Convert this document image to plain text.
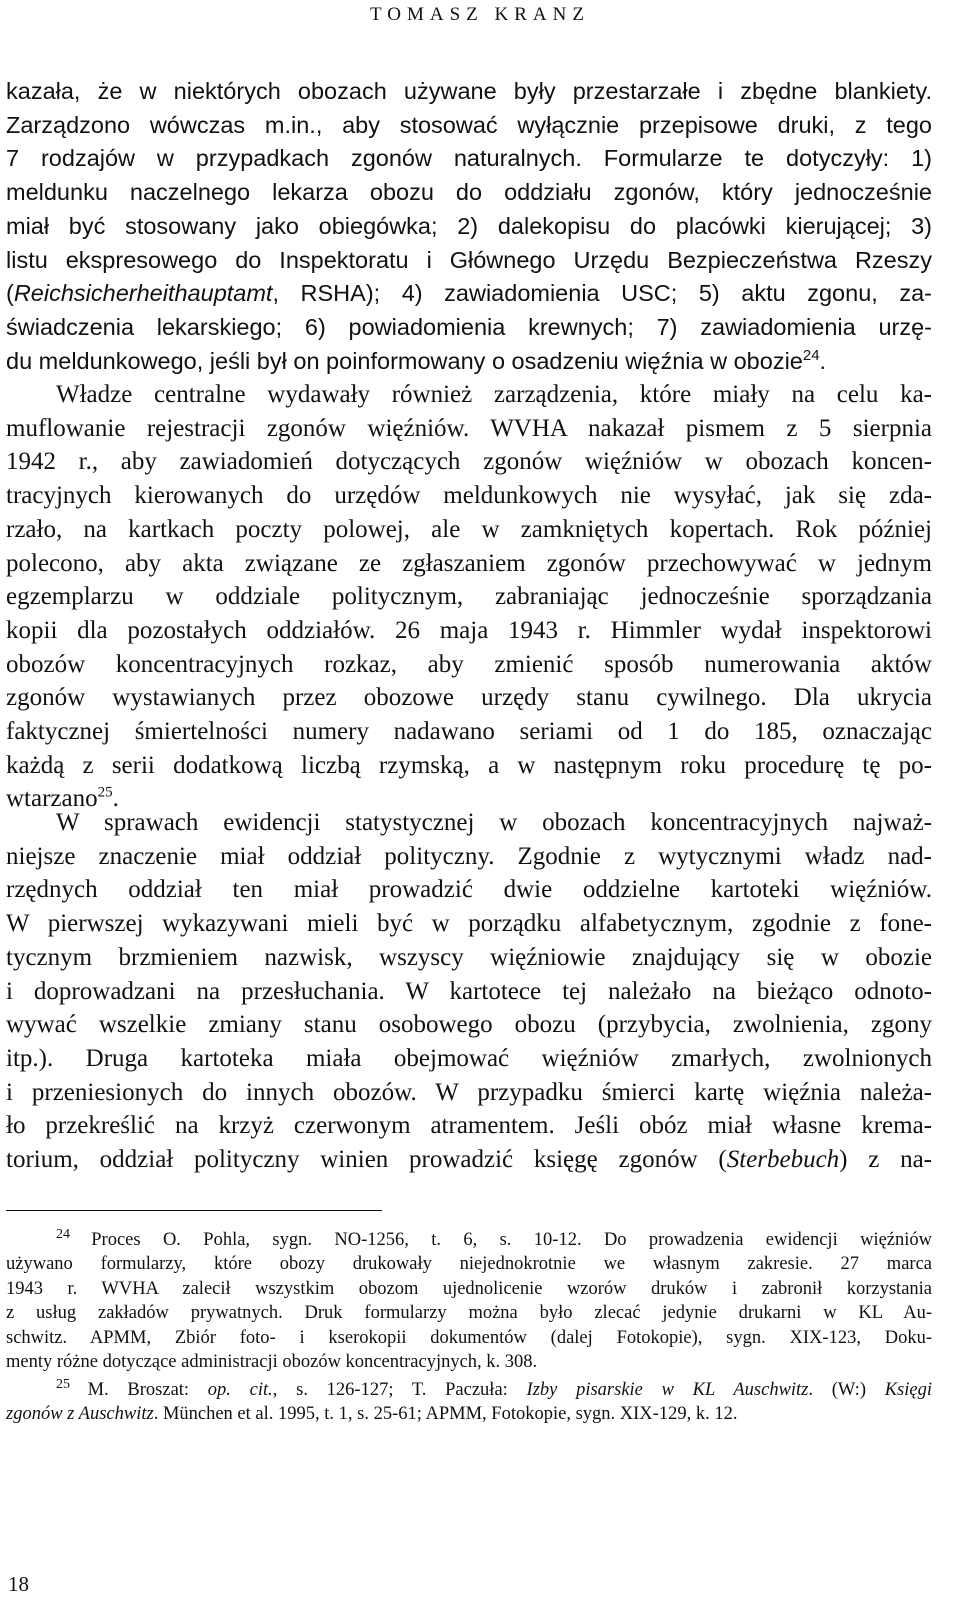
TOMASZ KRANZ
kazała, że w niektórych obozach używane były przestarzałe i zbędne blankiety.
Zarządzono wówczas m.in., aby stosować wyłącznie przepisowe druki, z tego
7 rodzajów w przypadkach zgonów naturalnych. Formularze te dotyczyły: 1)
meldunku naczelnego lekarza obozu do oddziału zgonów, który jednocześnie
miał być stosowany jako obiegówka; 2) dalekopisu do placówki kierującej; 3)
listu ekspresowego do Inspektoratu i Głównego Urzędu Bezpieczeństwa Rzeszy
(Reichsicherheithauptamt, RSHA); 4) zawiadomienia USC; 5) aktu zgonu, za-
świadczenia lekarskiego; 6) powiadomienia krewnych; 7) zawiadomienia urzę-
du meldunkowego, jeśli był on poinformowany o osadzeniu więźnia w obozie$^{24}$.
Władze centralne wydawały również zarządzenia, które miały na celu ka-
muflowanie rejestracji zgonów więźniów. WVHA nakazał pismem z 5 sierpnia
1942 r., aby zawiadomień dotyczących zgonów więźniów w obozach koncen-
tracyjnych kierowanych do urzędów meldunkowych nie wysyłać, jak się zda-
rzało, na kartkach poczty polowej, ale w zamkniętych kopertach. Rok później
polecono, aby akta związane ze zgłaszaniem zgonów przechowywać w jednym
egzemplarzu w oddziale politycznym, zabraniając jednocześnie sporządzania
kopii dla pozostałych oddziałów. 26 maja 1943 r. Himmler wydał inspektorowi
obozów koncentracyjnych rozkaz, aby zmienić sposób numerowania aktów
zgonów wystawianych przez obozowe urzędy stanu cywilnego. Dla ukrycia
faktycznej śmiertelności numery nadawano seriami od 1 do 185, oznaczając
każdą z serii dodatkową liczbą rzymską, a w następnym roku procedurę tę po-
wtarzano$^{25}$.
W sprawach ewidencji statystycznej w obozach koncentracyjnych najważ-
niejsze znaczenie miał oddział polityczny. Zgodnie z wytycznymi władz nad-
rzędnych oddział ten miał prowadzić dwie oddzielne kartoteki więźniów.
W pierwszej wykazywani mieli być w porządku alfabetycznym, zgodnie z fone-
tycznym brzmieniem nazwisk, wszyscy więźniowie znajdujący się w obozie
i doprowadzani na przesłuchania. W kartotece tej należało na bieżąco odnoto-
wywać wszelkie zmiany stanu osobowego obozu (przybycia, zwolnienia, zgony
itp.). Druga kartoteka miała obejmować więźniów zmarłych, zwolnionych
i przeniesionych do innych obozów. W przypadku śmierci kartę więźnia należa-
ło przekreślić na krzyż czerwonym atramentem. Jeśli obóz miał własne krema-
torium, oddział polityczny winien prowadzić księgę zgonów (Sterbebuch) z na-
$^{24}$ Proces O. Pohla, sygn. NO-1256, t. 6, s. 10-12. Do prowadzenia ewidencji więźniów
używano formularzy, które obozy drukowały niejednokrotnie we własnym zakresie. 27 marca
1943 r. WVHA zalecił wszystkim obozom ujednolicenie wzorów druków i zabronił korzystania
z usług zakładów prywatnych. Druk formularzy można było zlecać jedynie drukarni w KL Au-
schwitz. APMM, Zbiór foto- i kserokopii dokumentów (dalej Fotokopie), sygn. XIX-123, Doku-
menty różne dotyczące administracji obozów koncentracyjnych, k. 308.
$^{25}$ M. Broszat: op. cit., s. 126-127; T. Paczuła: Izby pisarskie w KL Auschwitz. (W:) Księgi
zgonów z Auschwitz. München et al. 1995, t. 1, s. 25-61; APMM, Fotokopie, sygn. XIX-129, k. 12.
18
